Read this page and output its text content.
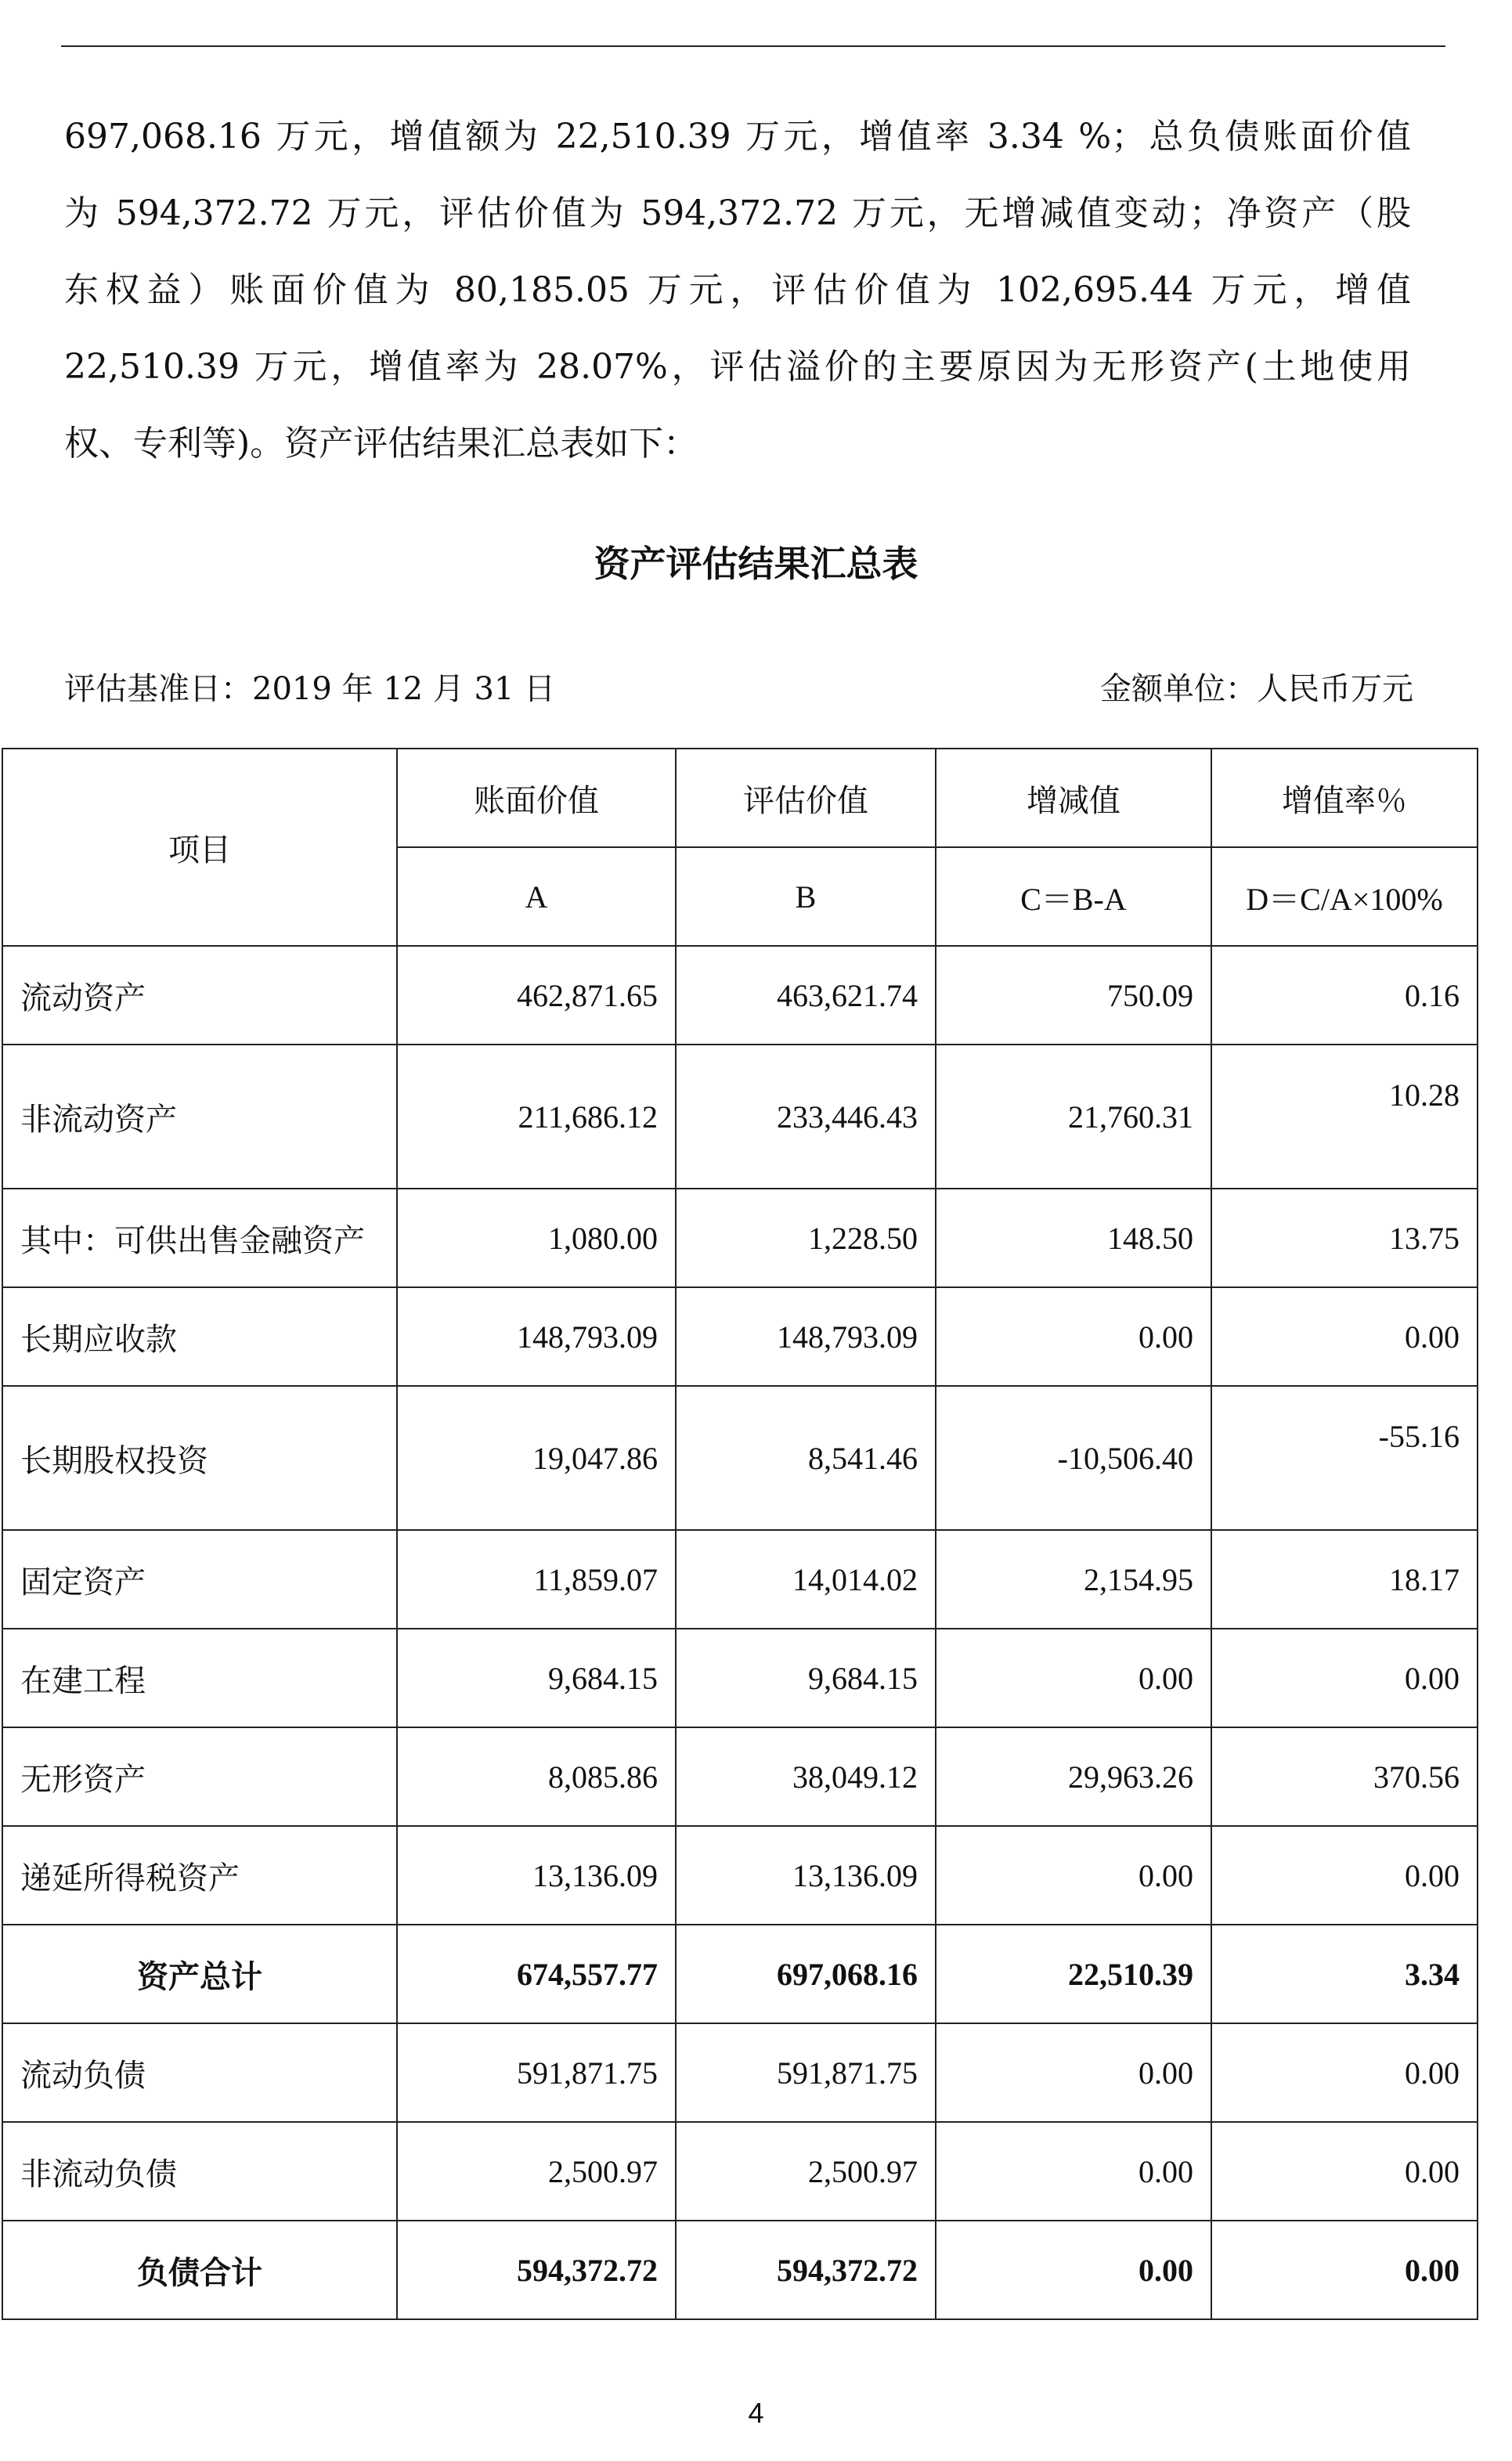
697,068.16 万元，增值额为 22,510.39 万元，增值率 3.34 %；总负债账面价值
为 594,372.72 万元，评估价值为 594,372.72 万元，无增减值变动；净资产（股
东权益）账面价值为 80,185.05 万元，评估价值为 102,695.44 万元，增值
22,510.39 万元，增值率为 28.07%，评估溢价的主要原因为无形资产(土地使用
权、专利等)。资产评估结果汇总表如下：
资产评估结果汇总表
评估基准日：2019 年 12 月 31 日	金额单位：人民币万元
项目	账面价值	评估价值	增减值	增值率％
	A	B	C＝B-A	D＝C/A×100%
流动资产	462,871.65	463,621.74	750.09	0.16
非流动资产	211,686.12	233,446.43	21,760.31	10.28
其中：可供出售金融资产	1,080.00	1,228.50	148.50	13.75
长期应收款	148,793.09	148,793.09	0.00	0.00
长期股权投资	19,047.86	8,541.46	-10,506.40	-55.16
固定资产	11,859.07	14,014.02	2,154.95	18.17
在建工程	9,684.15	9,684.15	0.00	0.00
无形资产	8,085.86	38,049.12	29,963.26	370.56
递延所得税资产	13,136.09	13,136.09	0.00	0.00
资产总计	674,557.77	697,068.16	22,510.39	3.34
流动负债	591,871.75	591,871.75	0.00	0.00
非流动负债	2,500.97	2,500.97	0.00	0.00
负债合计	594,372.72	594,372.72	0.00	0.00
4
